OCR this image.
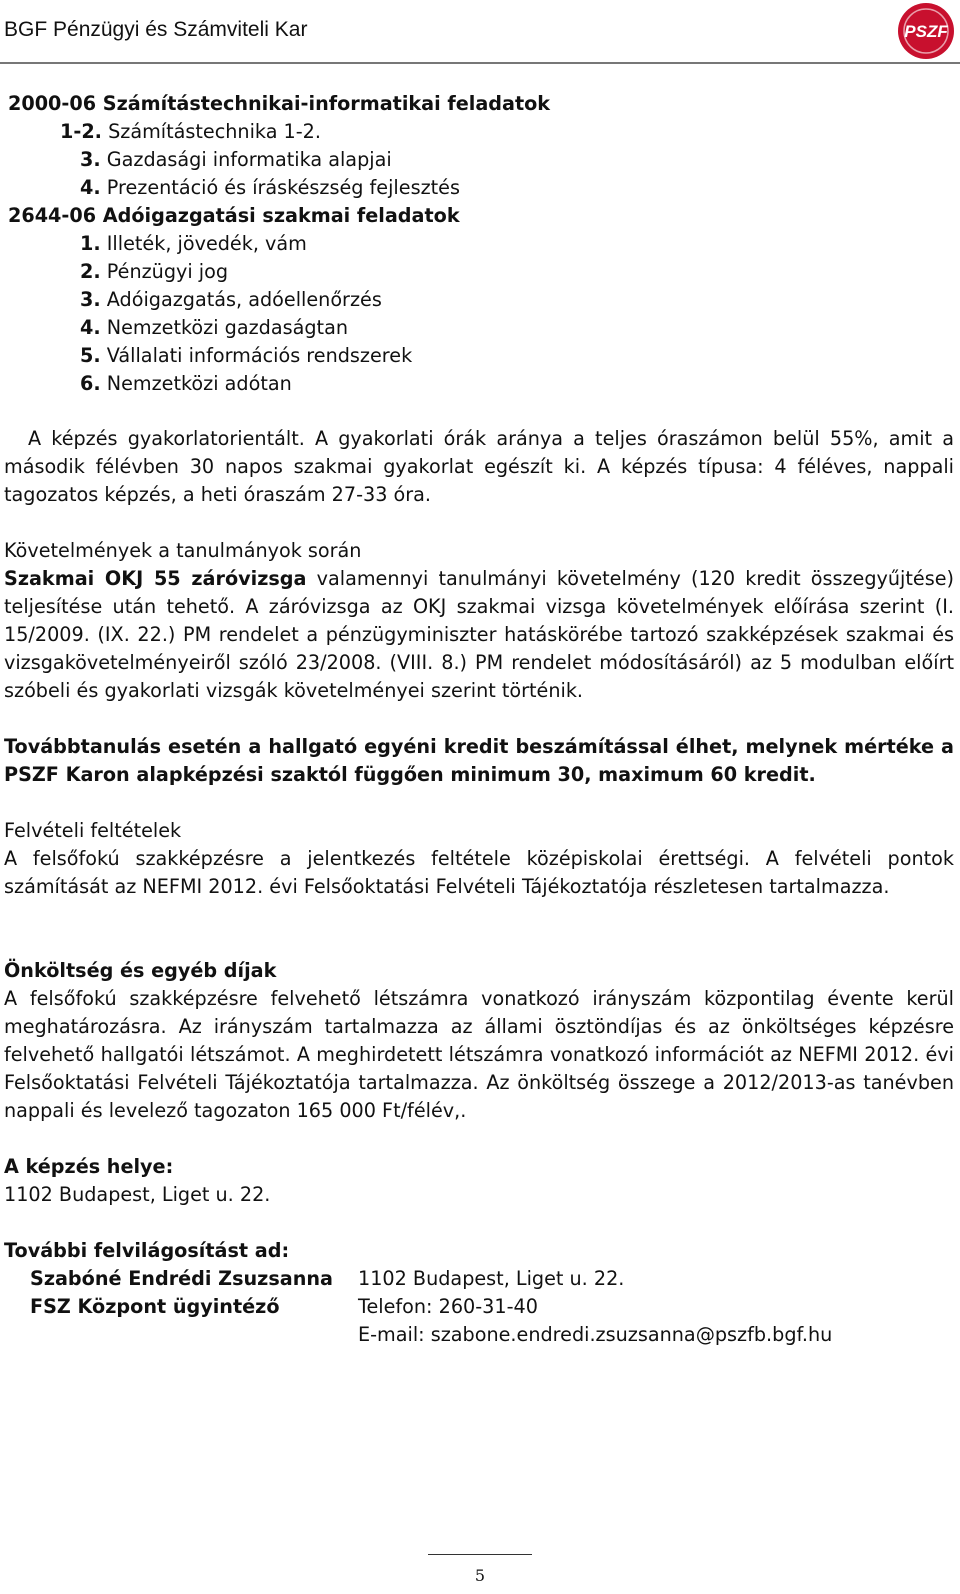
BGF Pénzügyi és Számviteli Kar	PSZF
2000-06 Számítástechnikai-informatikai feladatok
1-2. Számítástechnika 1-2.
3. Gazdasági informatika alapjai
4. Prezentáció és íráskészség fejlesztés
2644-06 Adóigazgatási szakmai feladatok
1. Illeték, jövedék, vám
2. Pénzügyi jog
3. Adóigazgatás, adóellenőrzés
4. Nemzetközi gazdaságtan
5. Vállalati információs rendszerek
6. Nemzetközi adótan
A képzés gyakorlatorientált. A gyakorlati órák aránya a teljes óraszámon belül 55%, amit a második félévben 30 napos szakmai gyakorlat egészít ki. A képzés típusa: 4 féléves, nappali tagozatos képzés, a heti óraszám 27-33 óra.
Követelmények a tanulmányok során
Szakmai OKJ 55 záróvizsga valamennyi tanulmányi követelmény (120 kredit összegyűjtése) teljesítése után tehető. A záróvizsga az OKJ szakmai vizsga követelmények előírása szerint (I. 15/2009. (IX. 22.) PM rendelet a pénzügyminiszter hatáskörébe tartozó szakképzések szakmai és vizsgakövetelményeiről szóló 23/2008. (VIII. 8.) PM rendelet módosításáról) az 5 modulban előírt szóbeli és gyakorlati vizsgák követelményei szerint történik.
Továbbtanulás esetén a hallgató egyéni kredit beszámítással élhet, melynek mértéke a PSZF Karon alapképzési szaktól függően minimum 30, maximum 60 kredit.
Felvételi feltételek
A felsőfokú szakképzésre a jelentkezés feltétele középiskolai érettségi. A felvételi pontok számítását az NEFMI 2012. évi Felsőoktatási Felvételi Tájékoztatója részletesen tartalmazza.
Önköltség és egyéb díjak
A felsőfokú szakképzésre felvehető létszámra vonatkozó irányszám központilag évente kerül meghatározásra. Az irányszám tartalmazza az állami ösztöndíjas és az önköltséges képzésre felvehető hallgatói létszámot. A meghirdetett létszámra vonatkozó információt az NEFMI 2012. évi Felsőoktatási Felvételi Tájékoztatója tartalmazza. Az önköltség összege a 2012/2013-as tanévben nappali és levelező tagozaton 165 000 Ft/félév,.
A képzés helye:
1102 Budapest, Liget u. 22.
További felvilágosítást ad:
Szabóné Endrédi Zsuzsanna 1102 Budapest, Liget u. 22.
FSZ Központ ügyintéző	Telefon: 260-31-40
E-mail: szabone.endredi.zsuzsanna@pszfb.bgf.hu
5
